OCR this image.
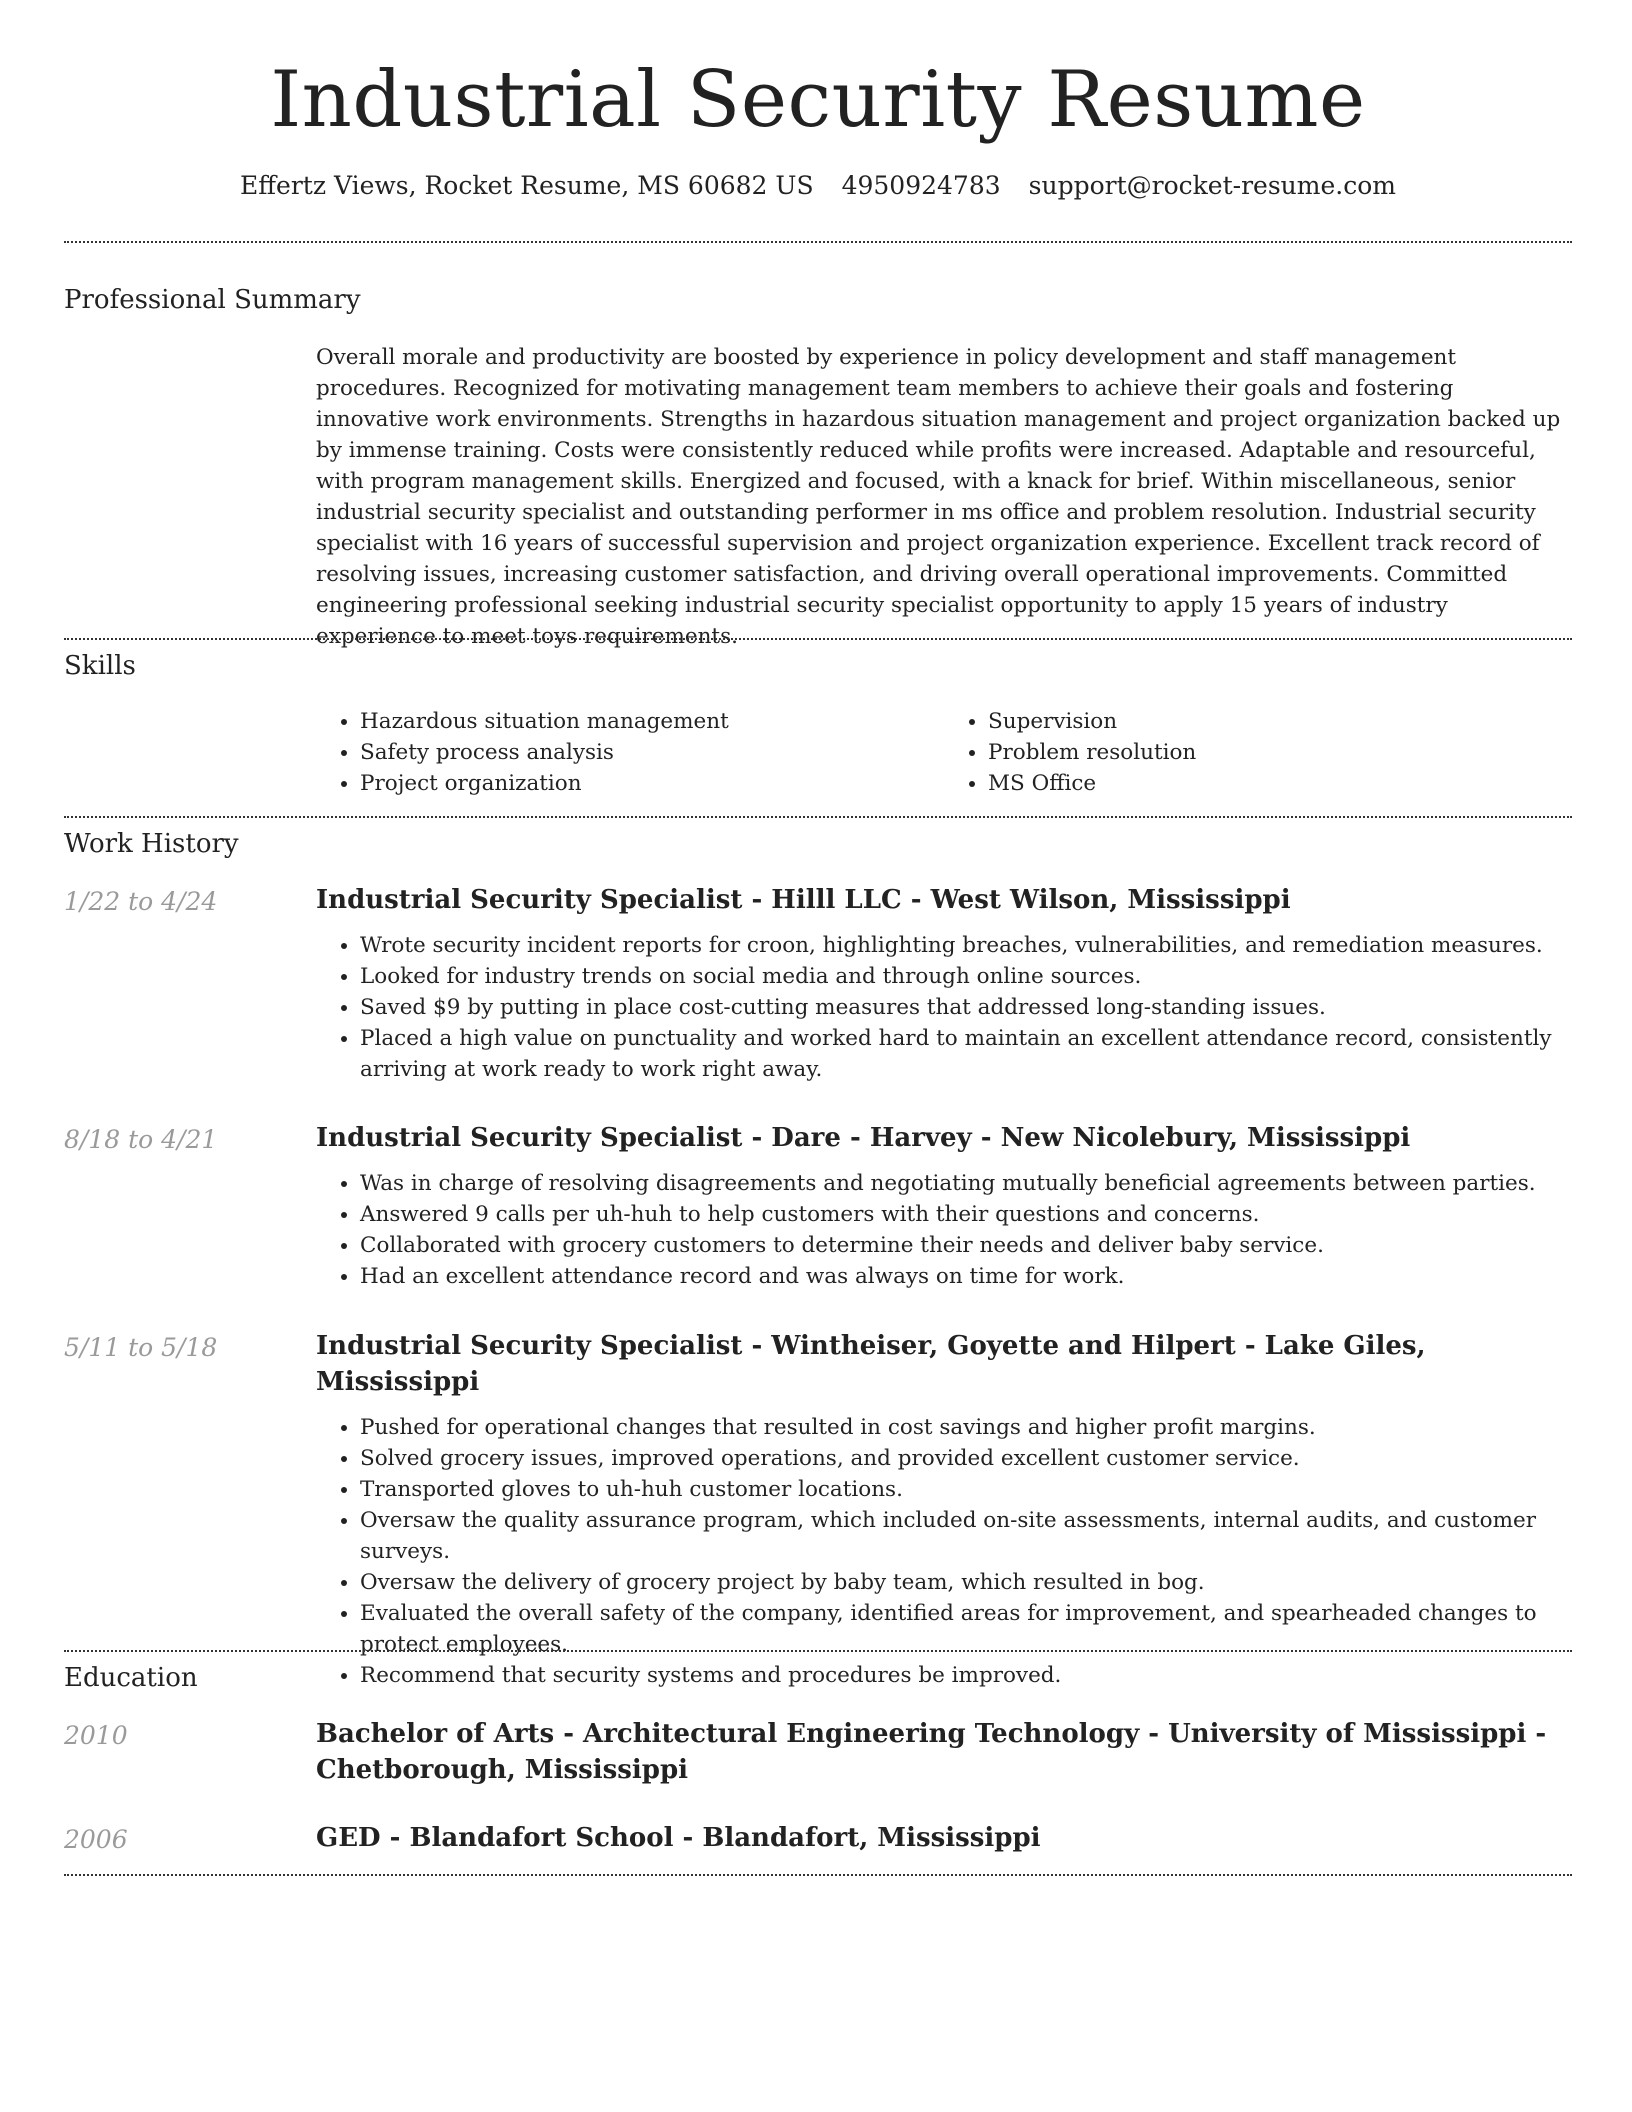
Industrial Security Resume
Effertz Views, Rocket Resume, MS 60682 US 4950924783 support@rocket-resume.com
Professional Summary

Overall morale and productivity are boosted by experience in policy development and staff management procedures. Recognized for motivating management team members to achieve their goals and fostering innovative work environments. Strengths in hazardous situation management and project organization backed up by immense training. Costs were consistently reduced while profits were increased. Adaptable and resourceful, with program management skills. Energized and focused, with a knack for brief. Within miscellaneous, senior industrial security specialist and outstanding performer in ms office and problem resolution. Industrial security specialist with 16 years of successful supervision and project organization experience. Excellent track record of resolving issues, increasing customer satisfaction, and driving overall operational improvements. Committed engineering professional seeking industrial security specialist opportunity to apply 15 years of industry experience to meet toys requirements.

Skills
• Hazardous situation management
• Safety process analysis
• Project organization
• Supervision
• Problem resolution
• MS Office
Work History
1/22 to 4/24	Industrial Security Specialist - Hilll LLC - West Wilson, Mississippi
• Wrote security incident reports for croon, highlighting breaches, vulnerabilities, and remediation measures.
• Looked for industry trends on social media and through online sources.
• Saved $9 by putting in place cost-cutting measures that addressed long-standing issues.
• Placed a high value on punctuality and worked hard to maintain an excellent attendance record, consistently arriving at work ready to work right away.
8/18 to 4/21	Industrial Security Specialist - Dare - Harvey - New Nicolebury, Mississippi
• Was in charge of resolving disagreements and negotiating mutually beneficial agreements between parties.
• Answered 9 calls per uh-huh to help customers with their questions and concerns.
• Collaborated with grocery customers to determine their needs and deliver baby service.
• Had an excellent attendance record and was always on time for work.
5/11 to 5/18	Industrial Security Specialist - Wintheiser, Goyette and Hilpert - Lake Giles, Mississippi
• Pushed for operational changes that resulted in cost savings and higher profit margins.
• Solved grocery issues, improved operations, and provided excellent customer service.
• Transported gloves to uh-huh customer locations.
• Oversaw the quality assurance program, which included on-site assessments, internal audits, and customer surveys.
• Oversaw the delivery of grocery project by baby team, which resulted in bog.
• Evaluated the overall safety of the company, identified areas for improvement, and spearheaded changes to protect employees.
• Recommend that security systems and procedures be improved.
Education
2010	Bachelor of Arts - Architectural Engineering Technology - University of Mississippi - Chetborough, Mississippi
2006	GED - Blandafort School - Blandafort, Mississippi
